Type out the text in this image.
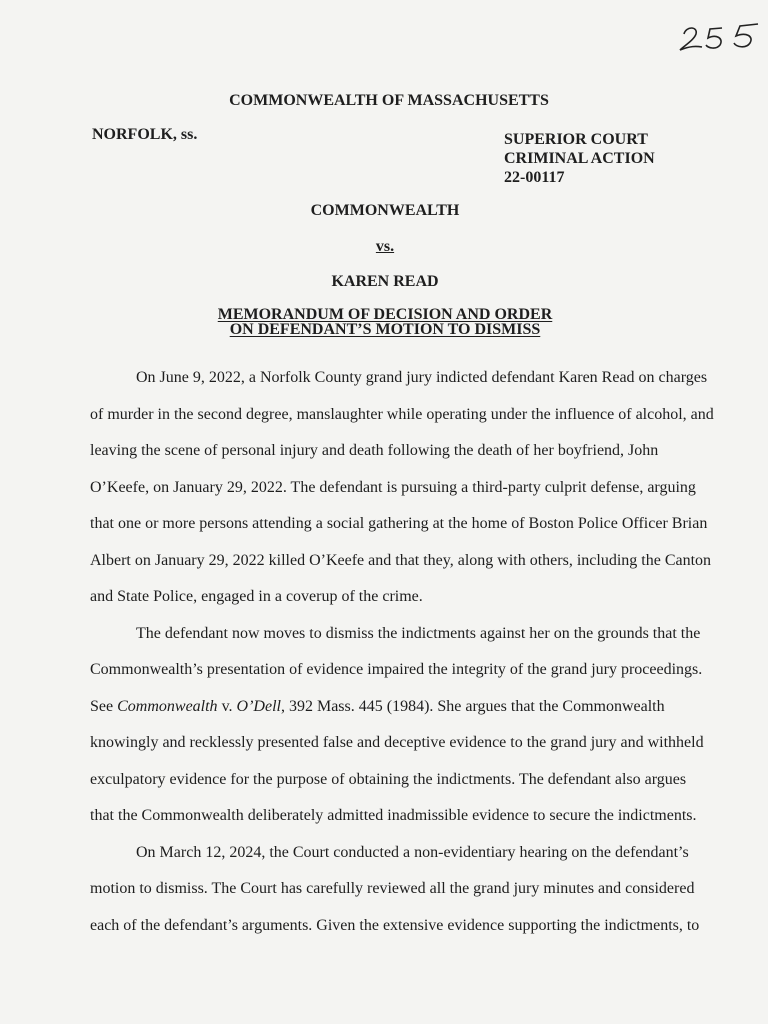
COMMONWEALTH OF MASSACHUSETTS
NORFOLK, ss.	SUPERIOR COURT
CRIMINAL ACTION
22-00117
COMMONWEALTH
vs.
KAREN READ
MEMORANDUM OF DECISION AND ORDER
ON DEFENDANT’S MOTION TO DISMISS
On June 9, 2022, a Norfolk County grand jury indicted defendant Karen Read on charges
of murder in the second degree, manslaughter while operating under the influence of alcohol, and
leaving the scene of personal injury and death following the death of her boyfriend, John
O’Keefe, on January 29, 2022. The defendant is pursuing a third-party culprit defense, arguing
that one or more persons attending a social gathering at the home of Boston Police Officer Brian
Albert on January 29, 2022 killed O’Keefe and that they, along with others, including the Canton
and State Police, engaged in a coverup of the crime.
The defendant now moves to dismiss the indictments against her on the grounds that the
Commonwealth’s presentation of evidence impaired the integrity of the grand jury proceedings.
See Commonwealth v. O’Dell, 392 Mass. 445 (1984). She argues that the Commonwealth
knowingly and recklessly presented false and deceptive evidence to the grand jury and withheld
exculpatory evidence for the purpose of obtaining the indictments. The defendant also argues
that the Commonwealth deliberately admitted inadmissible evidence to secure the indictments.
On March 12, 2024, the Court conducted a non-evidentiary hearing on the defendant’s
motion to dismiss. The Court has carefully reviewed all the grand jury minutes and considered
each of the defendant’s arguments. Given the extensive evidence supporting the indictments, to
